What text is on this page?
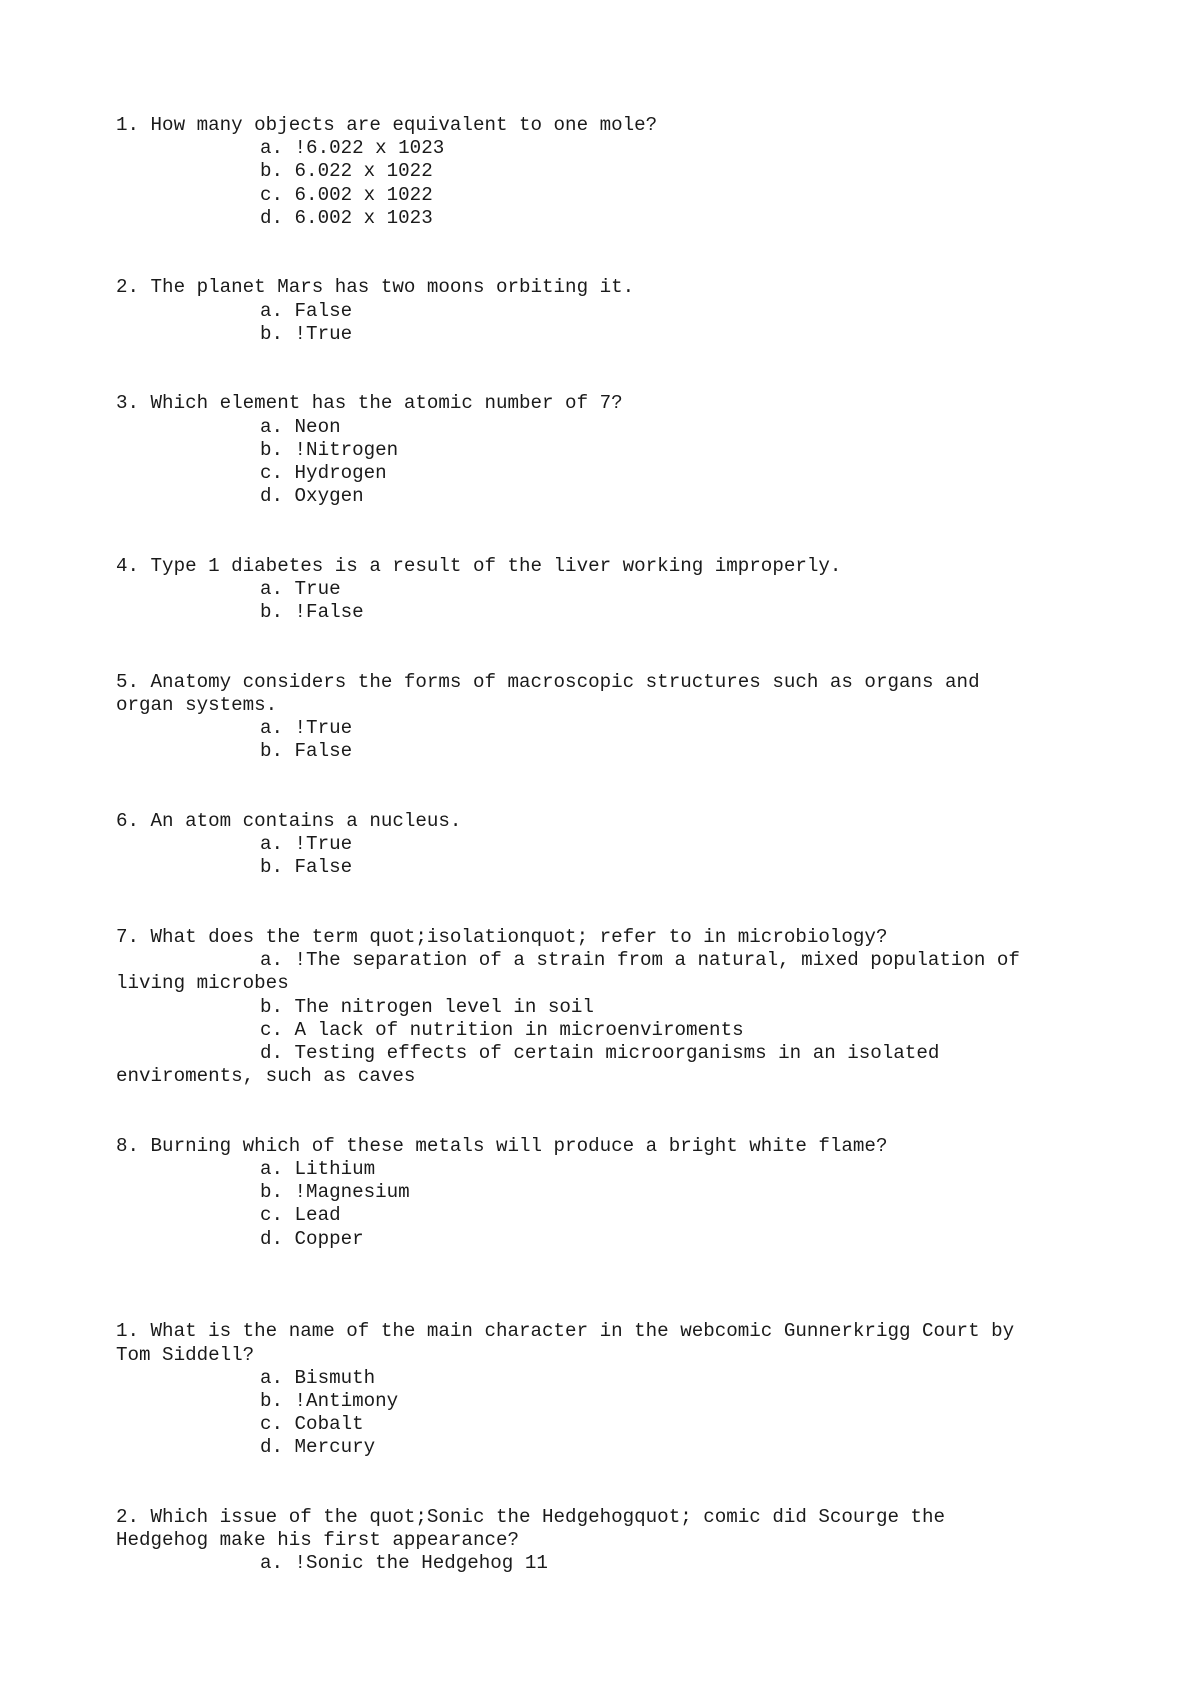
1. How many objects are equivalent to one mole?
a. !6.022 x 1023
b. 6.022 x 1022
c. 6.002 x 1022
d. 6.002 x 1023
2. The planet Mars has two moons orbiting it.
a. False
b. !True
3. Which element has the atomic number of 7?
a. Neon
b. !Nitrogen
c. Hydrogen
d. Oxygen
4. Type 1 diabetes is a result of the liver working improperly.
a. True
b. !False
5. Anatomy considers the forms of macroscopic structures such as organs and
organ systems.
a. !True
b. False
6. An atom contains a nucleus.
a. !True
b. False
7. What does the term quot;isolationquot; refer to in microbiology?
a. !The separation of a strain from a natural, mixed population of
living microbes
b. The nitrogen level in soil
c. A lack of nutrition in microenviroments
d. Testing effects of certain microorganisms in an isolated
enviroments, such as caves
8. Burning which of these metals will produce a bright white flame?
a. Lithium
b. !Magnesium
c. Lead
d. Copper
1. What is the name of the main character in the webcomic Gunnerkrigg Court by
Tom Siddell?
a. Bismuth
b. !Antimony
c. Cobalt
d. Mercury
2. Which issue of the quot;Sonic the Hedgehogquot; comic did Scourge the
Hedgehog make his first appearance?
a. !Sonic the Hedgehog 11
